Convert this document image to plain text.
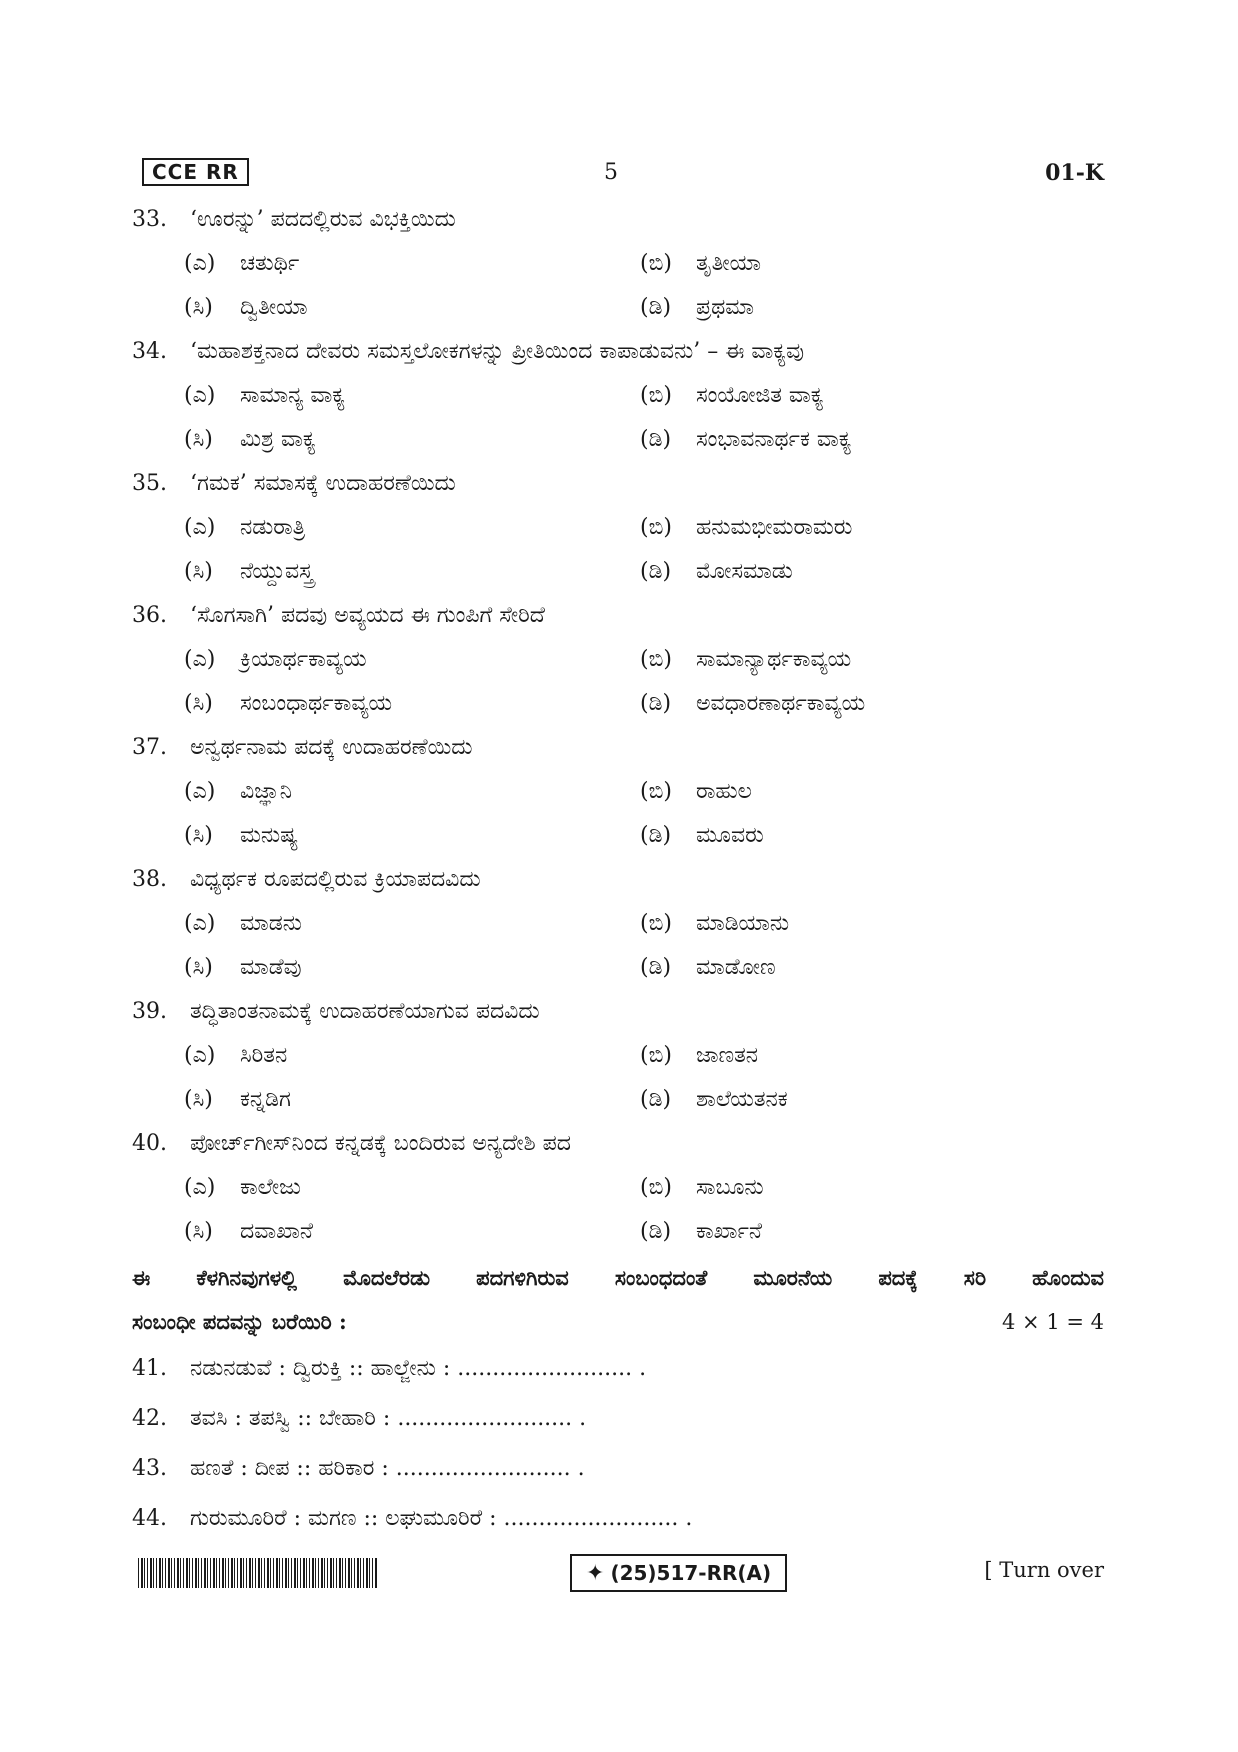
CCE RR	5	01-K
33. ‘ಊರನ್ನು’ ಪದದಲ್ಲಿರುವ ವಿಭಕ್ತಿಯಿದು
(ಎ) ಚತುರ್ಥಿ	(ಬಿ) ತೃತೀಯಾ
(ಸಿ) ದ್ವಿತೀಯಾ	(ಡಿ) ಪ್ರಥಮಾ
34. ‘ಮಹಾಶಕ್ತನಾದ ದೇವರು ಸಮಸ್ತಲೋಕಗಳನ್ನು ಪ್ರೀತಿಯಿಂದ ಕಾಪಾಡುವನು’ – ಈ ವಾಕ್ಯವು
(ಎ) ಸಾಮಾನ್ಯ ವಾಕ್ಯ	(ಬಿ) ಸಂಯೋಜಿತ ವಾಕ್ಯ
(ಸಿ) ಮಿಶ್ರ ವಾಕ್ಯ	(ಡಿ) ಸಂಭಾವನಾರ್ಥಕ ವಾಕ್ಯ
35. ‘ಗಮಕ’ ಸಮಾಸಕ್ಕೆ ಉದಾಹರಣೆಯಿದು
(ಎ) ನಡುರಾತ್ರಿ	(ಬಿ) ಹನುಮಭೀಮರಾಮರು
(ಸಿ) ನೆಯ್ದುವಸ್ತ್ರ	(ಡಿ) ಮೋಸಮಾಡು
36. ‘ಸೊಗಸಾಗಿ’ ಪದವು ಅವ್ಯಯದ ಈ ಗುಂಪಿಗೆ ಸೇರಿದೆ
(ಎ) ಕ್ರಿಯಾರ್ಥಕಾವ್ಯಯ	(ಬಿ) ಸಾಮಾನ್ಯಾರ್ಥಕಾವ್ಯಯ
(ಸಿ) ಸಂಬಂಧಾರ್ಥಕಾವ್ಯಯ	(ಡಿ) ಅವಧಾರಣಾರ್ಥಕಾವ್ಯಯ
37. ಅನ್ವರ್ಥನಾಮ ಪದಕ್ಕೆ ಉದಾಹರಣೆಯಿದು
(ಎ) ವಿಜ್ಞಾನಿ	(ಬಿ) ರಾಹುಲ
(ಸಿ) ಮನುಷ್ಯ	(ಡಿ) ಮೂವರು
38. ವಿಧ್ಯರ್ಥಕ ರೂಪದಲ್ಲಿರುವ ಕ್ರಿಯಾಪದವಿದು
(ಎ) ಮಾಡನು	(ಬಿ) ಮಾಡಿಯಾನು
(ಸಿ) ಮಾಡೆವು	(ಡಿ) ಮಾಡೋಣ
39. ತದ್ಧಿತಾಂತನಾಮಕ್ಕೆ ಉದಾಹರಣೆಯಾಗುವ ಪದವಿದು
(ಎ) ಸಿರಿತನ	(ಬಿ) ಜಾಣತನ
(ಸಿ) ಕನ್ನಡಿಗ	(ಡಿ) ಶಾಲೆಯತನಕ
40. ಪೋರ್ಚ್‌ಗೀಸ್‌ನಿಂದ ಕನ್ನಡಕ್ಕೆ ಬಂದಿರುವ ಅನ್ಯದೇಶಿ ಪದ
(ಎ) ಕಾಲೇಜು	(ಬಿ) ಸಾಬೂನು
(ಸಿ) ದವಾಖಾನೆ	(ಡಿ) ಕಾರ್ಖಾನೆ
ಈ ಕೆಳಗಿನವುಗಳಲ್ಲಿ ಮೊದಲೆರಡು ಪದಗಳಿಗಿರುವ ಸಂಬಂಧದಂತೆ ಮೂರನೆಯ ಪದಕ್ಕೆ ಸರಿ ಹೊಂದುವ
ಸಂಬಂಧೀ ಪದವನ್ನು ಬರೆಯಿರಿ :	4 × 1 = 4
41. ನಡುನಡುವೆ : ದ್ವಿರುಕ್ತಿ :: ಹಾಲ್ಜೇನು : ......................... .
42. ತವಸಿ : ತಪಸ್ವಿ :: ಬೇಹಾರಿ : ......................... .
43. ಹಣತೆ : ದೀಪ :: ಹರಿಕಾರ : ......................... .
44. ಗುರುಮೂರಿರೆ : ಮಗಣ :: ಲಘುಮೂರಿರೆ : ......................... .
✦ (25)517-RR(A)	[ Turn over
